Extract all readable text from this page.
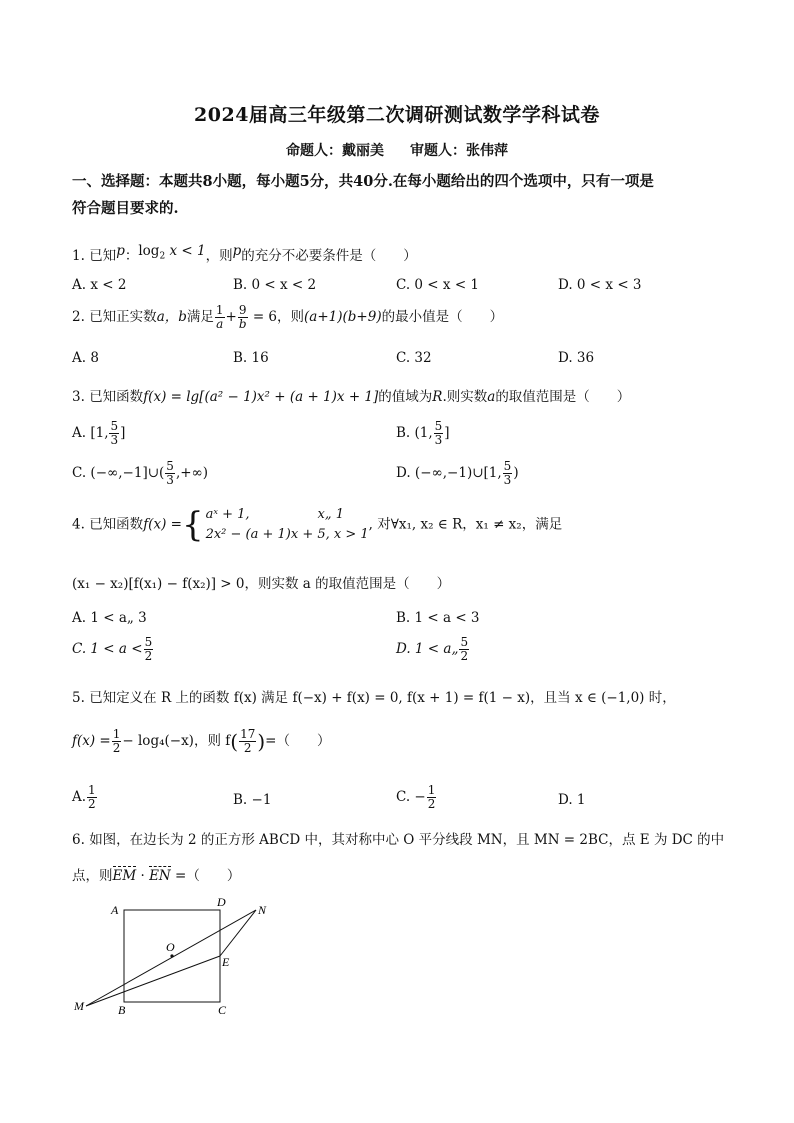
2024届高三年级第二次调研测试数学学科试卷
命题人：戴丽美 审题人：张伟萍
一、选择题：本题共8小题，每小题5分，共40分.在每小题给出的四个选项中，只有一项是
符合题目要求的.
1. 已知p：$\log_2 x < 1$，则p的充分不必要条件是（　　）
A. x < 2	B. 0 < x < 2	C. 0 < x < 1	D. 0 < x < 3
2. 已知正实数a，b满足 $\frac{1}{a} + \frac{9}{b} = 6$，则(a+1)(b+9)的最小值是（　　）
A. 8	B. 16	C. 32	D. 36
3. 已知函数f(x) = lg[(a² − 1)x² + (a + 1)x + 1]的值域为R.则实数a的取值范围是（　　）
A. [1, $\frac{5}{3}$ ]	B. (1, $\frac{5}{3}$ ]
C. (−∞,−1]∪( $\frac{5}{3}$ ,+∞)	D. (−∞,−1)∪[1, $\frac{5}{3}$ )
4. 已知函数f(x) ={ aˣ + 1,	x„ 1
2x² − (a + 1)x + 5, x > 1, 对∀x₁, x₂ ∈ R，x₁ ≠ x₂，满足
(x₁ − x₂)[f(x₁) − f(x₂)] > 0，则实数 a 的取值范围是（　　）
A. 1 < a„ 3	B. 1 < a < 3
C. $1 < a < \frac{5}{2}$	D. 1 < a„ $\frac{5}{2}$
5. 已知定义在 R 上的函数 f(x) 满足 f(−x) + f(x) = 0, f(x + 1) = f(1 − x)，且当 x ∈ (−1,0) 时，
$f(x) = \frac{1}{2} - \log_4(-x)$，则 $f( \frac{17}{2}$ )=（　　）
A. $\frac{1}{2}$	B. −1	C. − $\frac{1}{2}$	D. 1
6. 如图，在边长为 2 的正方形 ABCD 中，其对称中心 O 平分线段 MN，且 MN = 2BC，点 E 为 DC 的中
点，则EM · EN =（　　）
A
D
N
O
E
M	B	C
